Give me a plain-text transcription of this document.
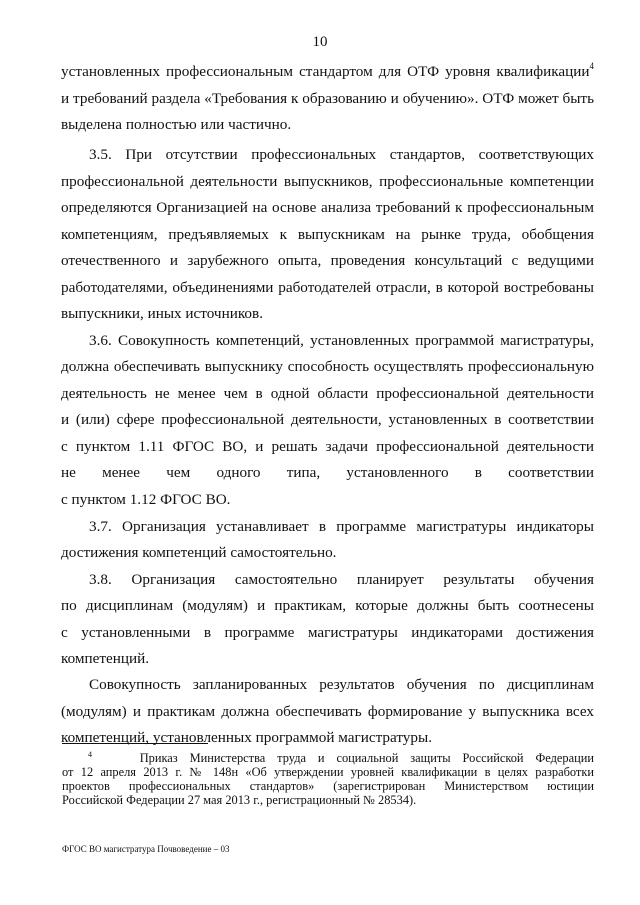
10
установленных профессиональным стандартом для ОТФ уровня квалификации$^4$
и требований раздела «Требования к образованию и обучению». ОТФ может быть
выделена полностью или частично.
3.5. При отсутствии профессиональных стандартов, соответствующих
профессиональной деятельности выпускников, профессиональные компетенции
определяются Организацией на основе анализа требований к профессиональным
компетенциям, предъявляемых к выпускникам на рынке труда, обобщения
отечественного и зарубежного опыта, проведения консультаций с ведущими
работодателями, объединениями работодателей отрасли, в которой востребованы
выпускники, иных источников.
3.6. Совокупность компетенций, установленных программой магистратуры,
должна обеспечивать выпускнику способность осуществлять профессиональную
деятельность не менее чем в одной области профессиональной деятельности
и (или) сфере профессиональной деятельности, установленных в соответствии
с пунктом 1.11 ФГОС ВО, и решать задачи профессиональной деятельности
не менее чем одного типа, установленного в соответствии
с пунктом 1.12 ФГОС ВО.
3.7. Организация устанавливает в программе магистратуры индикаторы
достижения компетенций самостоятельно.
3.8. Организация самостоятельно планирует результаты обучения
по дисциплинам (модулям) и практикам, которые должны быть соотнесены
с установленными в программе магистратуры индикаторами достижения
компетенций.
Совокупность запланированных результатов обучения по дисциплинам
(модулям) и практикам должна обеспечивать формирование у выпускника всех
компетенций, установленных программой магистратуры.
$^4$	Приказ Министерства труда и социальной защиты Российской Федерации
от 12 апреля 2013 г. № 148н «Об утверждении уровней квалификации в целях разработки
проектов профессиональных стандартов» (зарегистрирован Министерством юстиции
Российской Федерации 27 мая 2013 г., регистрационный № 28534).
ФГОС ВО магистратура Почвоведение – 03
